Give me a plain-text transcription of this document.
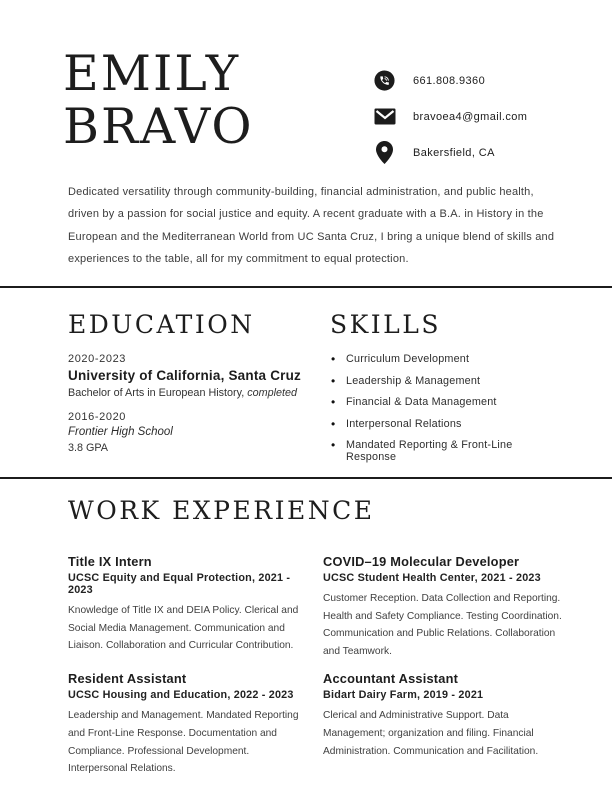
EMILY
BRAVO
661.808.9360
bravoea4@gmail.com
Bakersfield, CA

Dedicated versatility through community-building, financial administration, and public health, driven by a passion for social justice and equity. A recent graduate with a B.A. in History in the European and the Mediterranean World from UC Santa Cruz, I bring a unique blend of skills and experiences to the table, all for my commitment to equal protection.

EDUCATION
2020-2023
University of California, Santa Cruz
Bachelor of Arts in European History, completed
2016-2020
Frontier High School
3.8 GPA
SKILLS
• Curriculum Development
• Leadership & Management
• Financial & Data Management
• Interpersonal Relations
• Mandated Reporting & Front-Line Response
WORK EXPERIENCE
Title IX Intern
UCSC Equity and Equal Protection, 2021 - 2023
Knowledge of Title IX and DEIA Policy. Clerical and Social Media Management. Communication and Liaison. Collaboration and Curricular Contribution.
COVID–19 Molecular Developer
UCSC Student Health Center, 2021 - 2023
Customer Reception. Data Collection and Reporting. Health and Safety Compliance. Testing Coordination. Communication and Public Relations. Collaboration and Teamwork.
Resident Assistant
UCSC Housing and Education, 2022 - 2023
Leadership and Management. Mandated Reporting and Front-Line Response. Documentation and Compliance. Professional Development. Interpersonal Relations.
Accountant Assistant
Bidart Dairy Farm, 2019 - 2021
Clerical and Administrative Support. Data Management; organization and filing. Financial Administration. Communication and Facilitation.
